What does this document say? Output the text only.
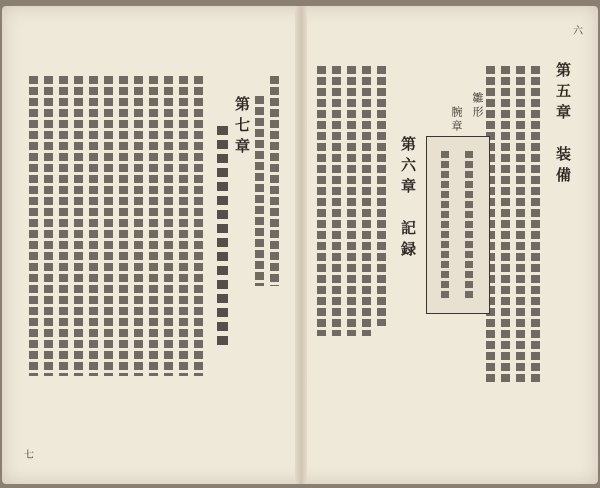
六
第五章　装備
雛形
腕章
第六章　記録
七
第七章
